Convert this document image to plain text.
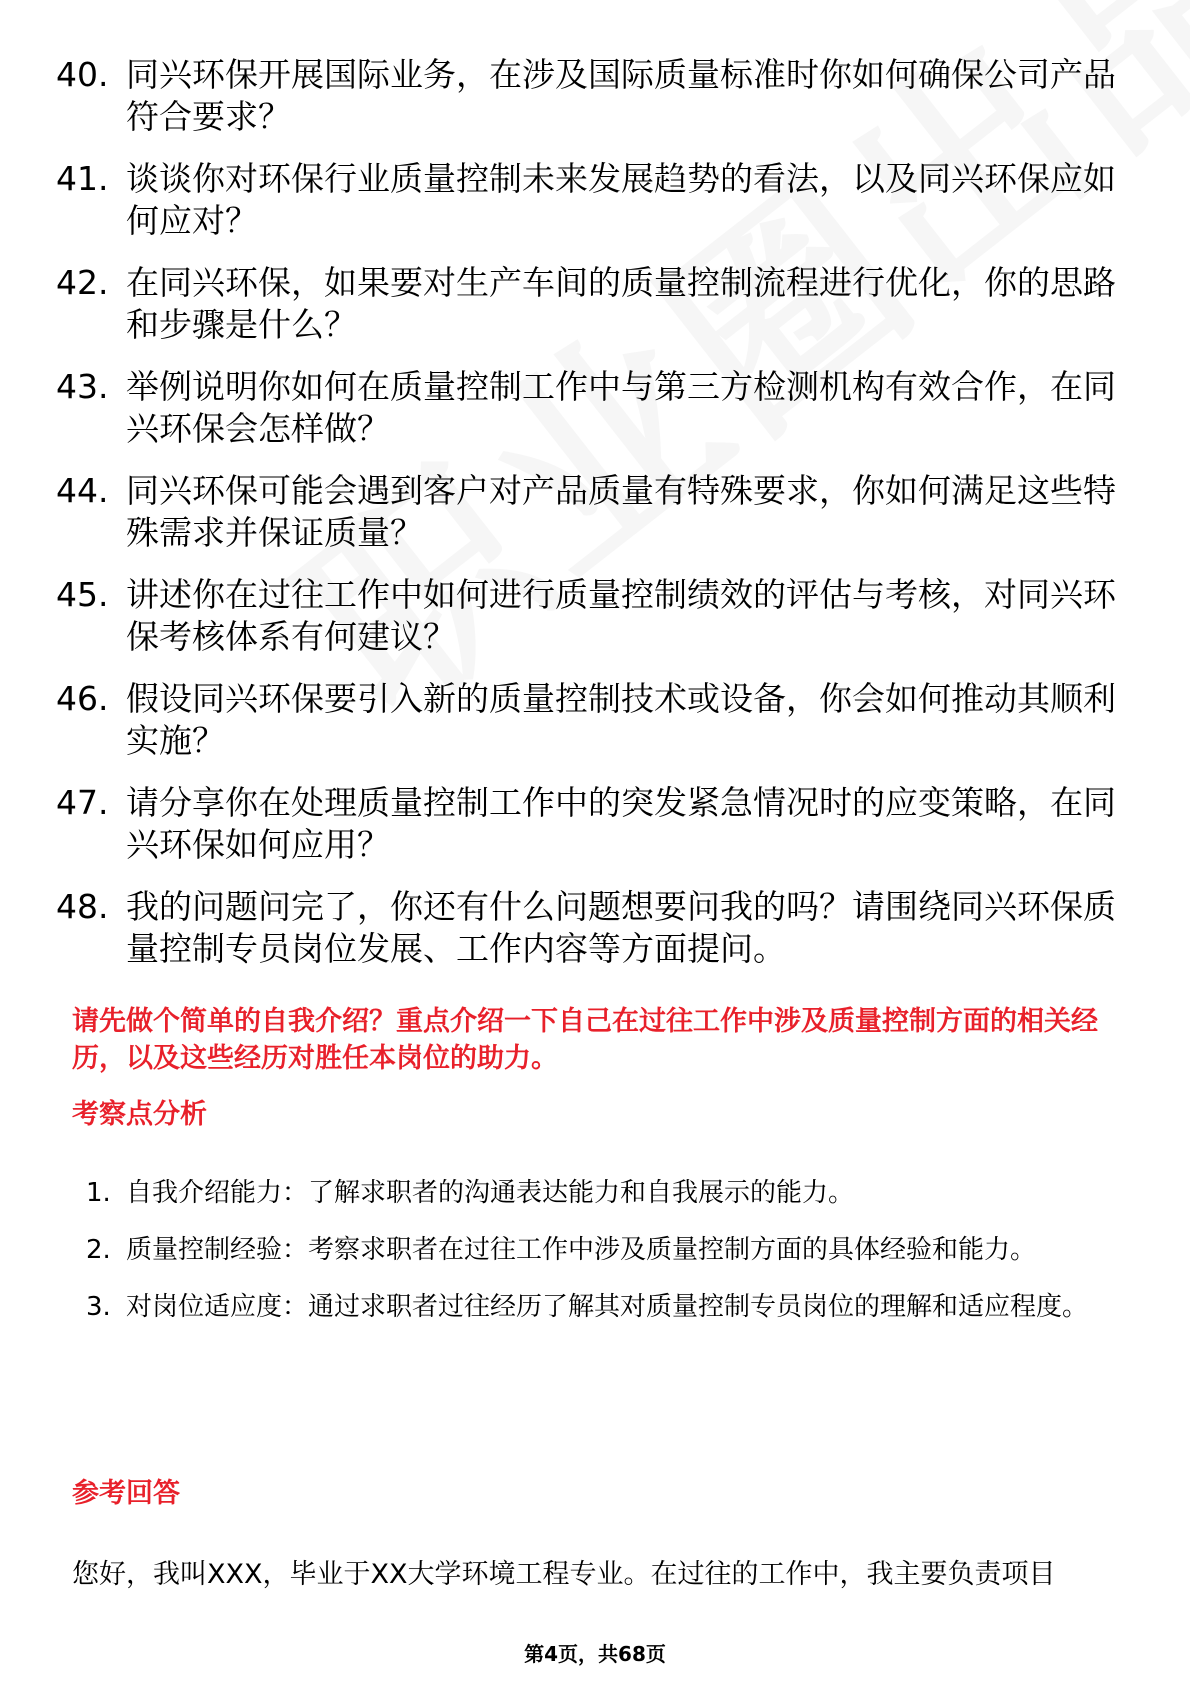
40. 同兴环保开展国际业务，在涉及国际质量标准时你如何确保公司产品符合要求？
41. 谈谈你对环保行业质量控制未来发展趋势的看法，以及同兴环保应如何应对？
42. 在同兴环保，如果要对生产车间的质量控制流程进行优化，你的思路和步骤是什么？
43. 举例说明你如何在质量控制工作中与第三方检测机构有效合作，在同兴环保会怎样做？
44. 同兴环保可能会遇到客户对产品质量有特殊要求，你如何满足这些特殊需求并保证质量？
45. 讲述你在过往工作中如何进行质量控制绩效的评估与考核，对同兴环保考核体系有何建议？
46. 假设同兴环保要引入新的质量控制技术或设备，你会如何推动其顺利实施？
47. 请分享你在处理质量控制工作中的突发紧急情况时的应变策略，在同兴环保如何应用？
48. 我的问题问完了，你还有什么问题想要问我的吗？请围绕同兴环保质量控制专员岗位发展、工作内容等方面提问。
请先做个简单的自我介绍？重点介绍一下自己在过往工作中涉及质量控制方面的相关经历，以及这些经历对胜任本岗位的助力。
考察点分析
1. 自我介绍能力：了解求职者的沟通表达能力和自我展示的能力。
2. 质量控制经验：考察求职者在过往工作中涉及质量控制方面的具体经验和能力。
3. 对岗位适应度：通过求职者过往经历了解其对质量控制专员岗位的理解和适应程度。
参考回答
您好，我叫XXX，毕业于XX大学环境工程专业。在过往的工作中，我主要负责项目
第4页，共68页
